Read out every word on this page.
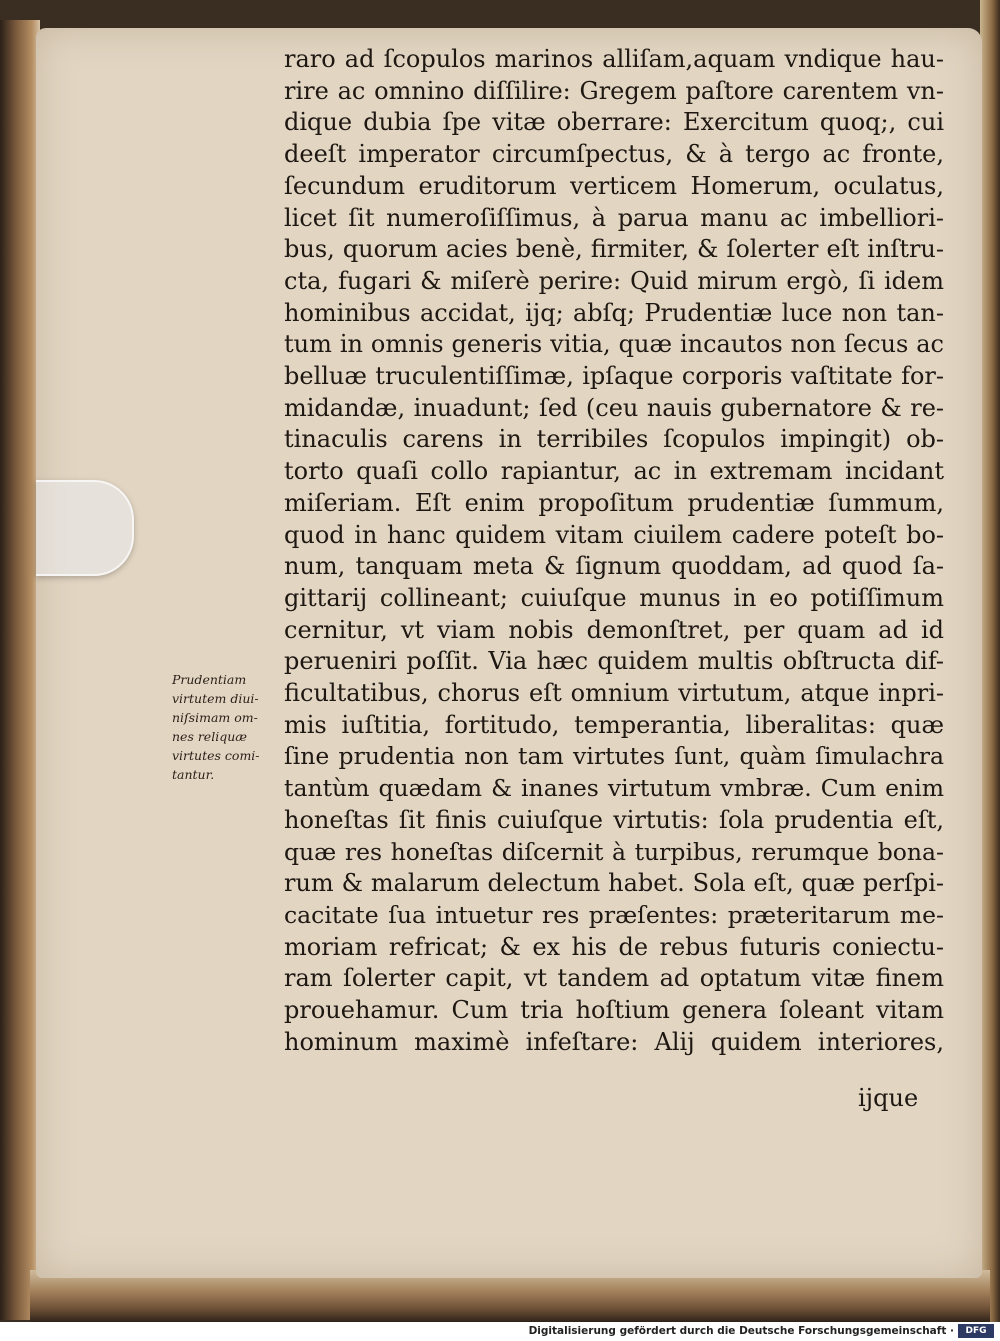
Prudentiam
virtutem diui-
niſsimam om-
nes reliquæ
virtutes comi-
tantur.
raro ad ſcopulos marinos alliſam,aquam vndique hau-
rire ac omnino diſſilire: Gregem paſtore carentem vn-
dique dubia ſpe vitæ oberrare: Exercitum quoq;, cui
deeſt imperator circumſpectus, & à tergo ac fronte,
ſecundum eruditorum verticem Homerum, oculatus,
licet ſit numeroſiſſimus, à parua manu ac imbelliori-
bus, quorum acies benè, firmiter, & ſolerter eſt inſtru-
cta, fugari & miſerè perire: Quid mirum ergò, ſi idem
hominibus accidat, ijq; abſq; Prudentiæ luce non tan-
tum in omnis generis vitia, quæ incautos non ſecus ac
belluæ truculentiſſimæ, ipſaque corporis vaſtitate for-
midandæ, inuadunt; ſed (ceu nauis gubernatore & re-
tinaculis carens in terribiles ſcopulos impingit) ob-
torto quaſi collo rapiantur, ac in extremam incidant
miſeriam. Eſt enim propoſitum prudentiæ ſummum,
quod in hanc quidem vitam ciuilem cadere poteſt bo-
num, tanquam meta & ſignum quoddam, ad quod ſa-
gittarij collineant; cuiuſque munus in eo potiſſimum
cernitur, vt viam nobis demonſtret, per quam ad id
perueniri poſſit. Via hæc quidem multis obſtructa dif-
ficultatibus, chorus eſt omnium virtutum, atque inpri-
mis iuſtitia, fortitudo, temperantia, liberalitas: quæ
ſine prudentia non tam virtutes ſunt, quàm ſimulachra
tantùm quædam & inanes virtutum vmbræ. Cum enim
honeſtas ſit finis cuiuſque virtutis: ſola prudentia eſt,
quæ res honeſtas diſcernit à turpibus, rerumque bona-
rum & malarum delectum habet. Sola eſt, quæ perſpi-
cacitate ſua intuetur res præſentes: præteritarum me-
moriam refricat; & ex his de rebus futuris coniectu-
ram ſolerter capit, vt tandem ad optatum vitæ finem
prouehamur. Cum tria hoſtium genera ſoleant vitam
hominum maximè infeſtare: Alij quidem interiores,
ijque
Digitalisierung gefördert durch die Deutsche Forschungsgemeinschaft ·	DFG
